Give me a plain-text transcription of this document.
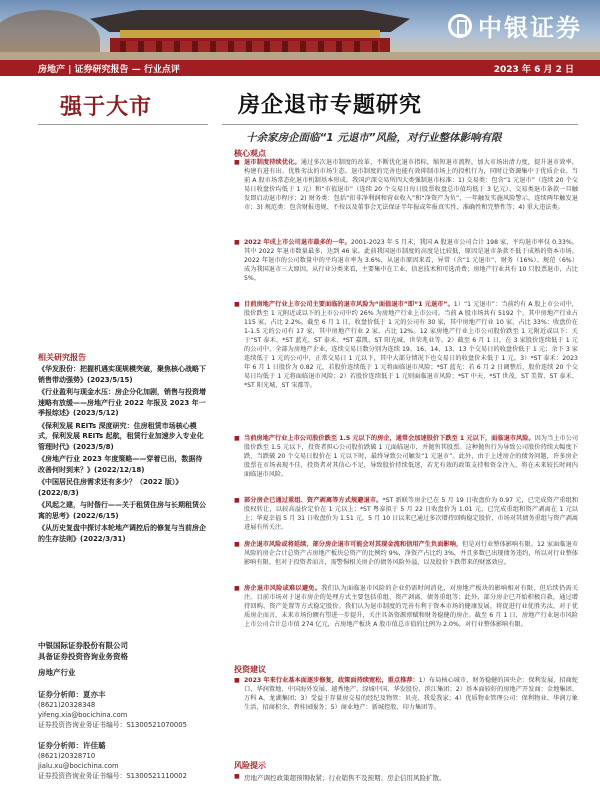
中银证券
房地产 | 证券研究报告 — 行业点评	2023 年 6 月 2 日
强于大市
相关研究报告
《华发股份：把握机遇实现规模突破，聚焦核心战略下销售带动强势》(2023/5/15)
《行业盈利与现金水压：房企分化加剧，销售与投资增速略有放缓——房地产行业 2022 年报及 2023 年一季报综述》(2023/5/12)
《保利发展 REITs 深度研究：住房租赁市场核心模式，保利发展 REITs 起航，租赁行业加速步入专业化管理时代》(2023/5/8)
《房地产行业 2023 年度策略——穿着已出，数据待改善何时到来？》(2022/12/18)
《中国居民住房需求还有多少？（2022 版）》(2022/8/3)
《风起之建，与时偕行——关于租赁住房与长期租赁公寓的思考》(2022/6/15)
《从历史复盘中探讨本轮地产调控后的修复与当前房企的生存法则》(2022/3/31)
中银国际证券股份有限公司
具备证券投资咨询业务资格
房地产行业
证券分析师：夏亦丰
(8621)20328348
yifeng.xia@bocichina.com
证券投资咨询业务证书编号：S1300521070005
证券分析师：许佳璐
(8621)20328710
jialu.xu@bocichina.com
证券投资咨询业务证书编号：S1300521110002
房企退市专题研究
十余家房企面临“1 元退市”风险，对行业整体影响有限
核心观点
■ 退市制度持续优化。通过多次退市制度的改革，不断优化退市指标，缩短退市流程，加大市场出清力度，提升退市效率，构建有进有出、优胜劣汰的市场生态。退市制度的完善也能有效抑制市场上的投机行为，同时让资源集中于优质企业。当前 A 股市场常态化退市机制基本形成。我国沪深交易所四大类强制退市标准：1) 交易类：包含“1 元退市”（连续 20 个交易日收盘价均低于 1 元）和“市值退市”（连续 20 个交易日每日股票收盘总市值均低于 3 亿元）、交易类退市条款一旦触发即启动退市程序；2) 财务类：包括“扣非净利润和营业收入”和“净资产为负”，一年触发实施风险警示，连续两年触发退市；3) 规范类：包含财报违规、不按以及董事会无法保证半年报或年报真实性、准确性和完整性等；4) 重大违法类。
■ 2022 年成上市公司退市最多的一年。2001-2023 年 5 月末，我国 A 股退市公司合计 198 家，平均退市率仅 0.33%。其中 2022 年退市数量最多，达到 46 家。此前我国退市制度的高度是比较低，原因是退市条款不低于成熟的资本市场。2022 年退市的公司数量中的平均退市率为 3.6%，从退市原因来看，异常（含“1 元退市”、财务（16%）、规范（6%）成为我国退市三大原因，从行业分类来看，主要集中在工业、信息技术和可选消费；房地产行业共有 10 只股票退市，占比 5%。
■ 目前房地产行业上市公司主要面临的退市风险为“面值退市”即“1 元退市”。1）“1 元退市”：当前约有 A 股上市公司中，股价跌至 1 元附近或以下的上市公司中约 26% 为房地产行业上市公司。当前 A 股市场共有 5192 个，其中房地产行业占 115 家，占比 2.2%。截至 6 月 1 日，收盘价低于 1 元的公司有 30 家，其中房地产行业 10 家，占比 33%；收盘价在 1-1.5 元的公司有 17 家，其中房地产行业 2 家，占比 12%。12 家房地产行业上市公司股价跌至 1 元附近或以下：关于“ST 泰禾、*ST 蓝光、ST 泰禾、*ST 嘉凯、ST 阳光城、世荣兆业等。2）截至 6 月 1 日，在 3 家股价连续低于 1 元的公司中，全部为房地产企业，连续交易日数分别为连续 19、16、14、13、13 个交易日的收盘价低于 1 元；余下 3 家连续低于 1 元的公司中，正常交易日 1 元以下，其中大部分情况下也交易日的收盘价未低于 1 元。3）*ST 泰禾：2023 年 6 月 1 日股价为 0.82 元，若股价连续低于 1 元将面临退市风险；*ST 蓝光：若 6 月 2 日调整后，股价连续 20 个交易日均低于 1 元将面临退市风险；2）若股价连续低于 1 元则面临退市风险；*ST 中天、*ST 世茂、ST 美置、ST 泰禾、*ST 阳光城、ST 宋都等。
■ 当前房地产行业上市公司股价跌至 1.5 元以下的房企，通常会加速股价下跌至 1 元以下，面临退市风险。因为当上市公司股价跌至 1.5 元以下，投资者担心公司股价跌破 1 元面临退市，并抛售其股票。这种抛售行为导致公司股价持续大幅度下跌，当跌破 20 个交易日股价在 1 元以下时，最终导致公司触发“1 元退市”。此外，由于上述房企的债务问题，许多房企股票在市场表现不佳，投资者对其信心不足，导致股价持续低迷，若无有效的政策支持和资金注入，将在未来较长时间内面临退市风险。
■ 部分房企已通过重组、资产剥离等方式规避退市。*ST 新联等房企已在 5 月 19 日收盘价为 0.97 元，已完成资产重组和股权转让，以较高溢价定价在 1 元以上；*ST 粤泰拟于 5 月 22 日收盘价为 1.01 元，已完成重组和资产剥离在 1 元以上；华夏幸福 5 月 31 日收盘价为 1.51 元，5 月 10 日以来已通过多次增持回购稳定股价，市场对其债务重组与资产剥离进展有所关注。
■ 房企退市风险或将延续，部分房企退市可能会对其现金流和信用产生负面影响，但是对行业整体影响有限。12 家面临退市风险的房企合计总资产占房地产板块总资产的比例约 9%，净资产占比约 3%，并且多数已出现债务违约，所以对行业整体影响有限。但对于投资者而言，需警惕相关房企的债务风险外溢，以及股价下跌带来的财富效应。
■ 房企退市风险或难以避免。我们认为面临退市风险的企业仍需时间消化，对房地产板块的影响相对有限，但后续仍需关注。目前市场对于退市房企的处理方式主要包括重组、资产剥离、债务重组等；此外，部分房企已开始积极自救，通过增持回购、资产处置等方式稳定股价。我们认为退市制度的完善有利于资本市场的健康发展，将促进行业优胜劣汰，对于优质房企而言，未来市场份额有望进一步提升，关注具备资源禀赋和财务稳健的房企。截至 6 月 1 日，房地产行业退市风险上市公司合计总市值 274 亿元，占房地产板块 A 股市值总市值的比例为 2.0%，对行业整体影响有限。
投资建议
■ 2023 年来行业基本面逐步修复，政策面持续宽松，重点推荐：1）布局核心城市、财务稳健的国央企：保利发展、招商蛇口、华润置地、中国海外发展、越秀地产、绿城中国、华发股份、滨江集团；2）基本面较好的房地产开发商：金地集团、万科 A、龙湖集团；3）受益于存量房交易的经纪及物管：贝壳、我爱我家；4）优质物业管理公司：保利物业、华润万象生活、招商积余、碧桂园服务；5）商业地产：新城控股、印力集团等。
风险提示
■ 房地产调控政策超预期收紧；行业销售不及预期；房企信用风险扩散。
